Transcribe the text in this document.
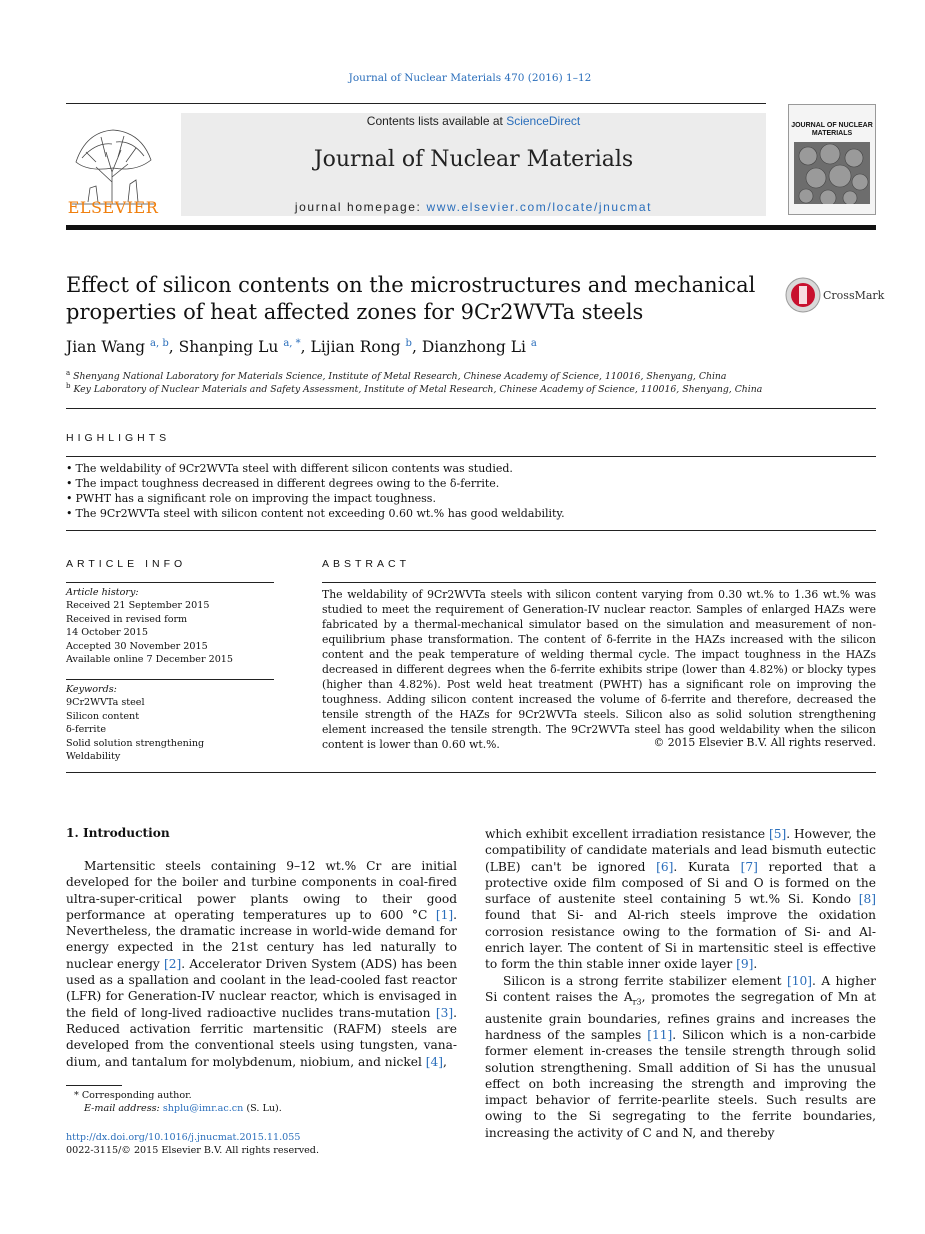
Journal of Nuclear Materials 470 (2016) 1–12
ELSEVIER
Contents lists available at ScienceDirect
Journal of Nuclear Materials
journal homepage: www.elsevier.com/locate/jnucmat
JOURNAL OF NUCLEAR MATERIALS
Effect of silicon contents on the microstructures and mechanical
properties of heat affected zones for 9Cr2WVTa steels
CrossMark
Jian Wang $^{a, b}$, Shanping Lu $^{a, *}$, Lijian Rong $^b$, Dianzhong Li $^a$
$^a$ Shenyang National Laboratory for Materials Science, Institute of Metal Research, Chinese Academy of Science, 110016, Shenyang, China
$^b$ Key Laboratory of Nuclear Materials and Safety Assessment, Institute of Metal Research, Chinese Academy of Science, 110016, Shenyang, China
HIGHLIGHTS
• The weldability of 9Cr2WVTa steel with different silicon contents was studied.
• The impact toughness decreased in different degrees owing to the δ-ferrite.
• PWHT has a significant role on improving the impact toughness.
• The 9Cr2WVTa steel with silicon content not exceeding 0.60 wt.% has good weldability.
ARTICLE INFO	ABSTRACT
Article history:
Received 21 September 2015
Received in revised form
14 October 2015
Accepted 30 November 2015
Available online 7 December 2015
Keywords:
9Cr2WVTa steel
Silicon content
δ-ferrite
Solid solution strengthening
Weldability
The weldability of 9Cr2WVTa steels with silicon content varying from 0.30 wt.% to 1.36 wt.% was studied to meet the requirement of Generation-IV nuclear reactor. Samples of enlarged HAZs were fabricated by a thermal-mechanical simulator based on the simulation and measurement of non-equilibrium phase transformation. The content of δ-ferrite in the HAZs increased with the silicon content and the peak temperature of welding thermal cycle. The impact toughness in the HAZs decreased in different degrees when the δ-ferrite exhibits stripe (lower than 4.82%) or blocky types (higher than 4.82%). Post weld heat treatment (PWHT) has a significant role on improving the toughness. Adding silicon content increased the volume of δ-ferrite and therefore, decreased the tensile strength of the HAZs for 9Cr2WVTa steels. Silicon also as solid solution strengthening element increased the tensile strength. The 9Cr2WVTa steel has good weldability when the silicon content is lower than 0.60 wt.%.	© 2015 Elsevier B.V. All rights reserved.
1. Introduction

Martensitic steels containing 9–12 wt.% Cr are initial developed for the boiler and turbine components in coal-fired ultra-super-critical power plants owing to their good performance at operating temperatures up to 600 °C [1]. Nevertheless, the dramatic increase in world-wide demand for energy expected in the 21st century has led naturally to nuclear energy [2]. Accelerator Driven System (ADS) has been used as a spallation and coolant in the lead-cooled fast reactor (LFR) for Generation-IV nuclear reactor, which is envisaged in the field of long-lived radioactive nuclides trans-mutation [3]. Reduced activation ferritic martensitic (RAFM) steels are developed from the conventional steels using tungsten, vana-dium, and tantalum for molybdenum, niobium, and nickel [4],

which exhibit excellent irradiation resistance [5]. However, the compatibility of candidate materials and lead bismuth eutectic (LBE) can't be ignored [6]. Kurata [7] reported that a protective oxide film composed of Si and O is formed on the surface of austenite steel containing 5 wt.% Si. Kondo [8] found that Si- and Al-rich steels improve the oxidation corrosion resistance owing to the formation of Si- and Al-enrich layer. The content of Si in martensitic steel is effective to form the thin stable inner oxide layer [9].

Silicon is a strong ferrite stabilizer element [10]. A higher Si content raises the $A_{r3}$, promotes the segregation of Mn at austenite grain boundaries, refines grains and increases the hardness of the samples [11]. Silicon which is a non-carbide former element in-creases the tensile strength through solid solution strengthening. Small addition of Si has the unusual effect on both increasing the strength and improving the impact behavior of ferrite-pearlite steels. Such results are owing to the Si segregating to the ferrite boundaries, increasing the activity of C and N, and thereby

* Corresponding author.
E-mail address: shplu@imr.ac.cn (S. Lu).
http://dx.doi.org/10.1016/j.jnucmat.2015.11.055
0022-3115/© 2015 Elsevier B.V. All rights reserved.
